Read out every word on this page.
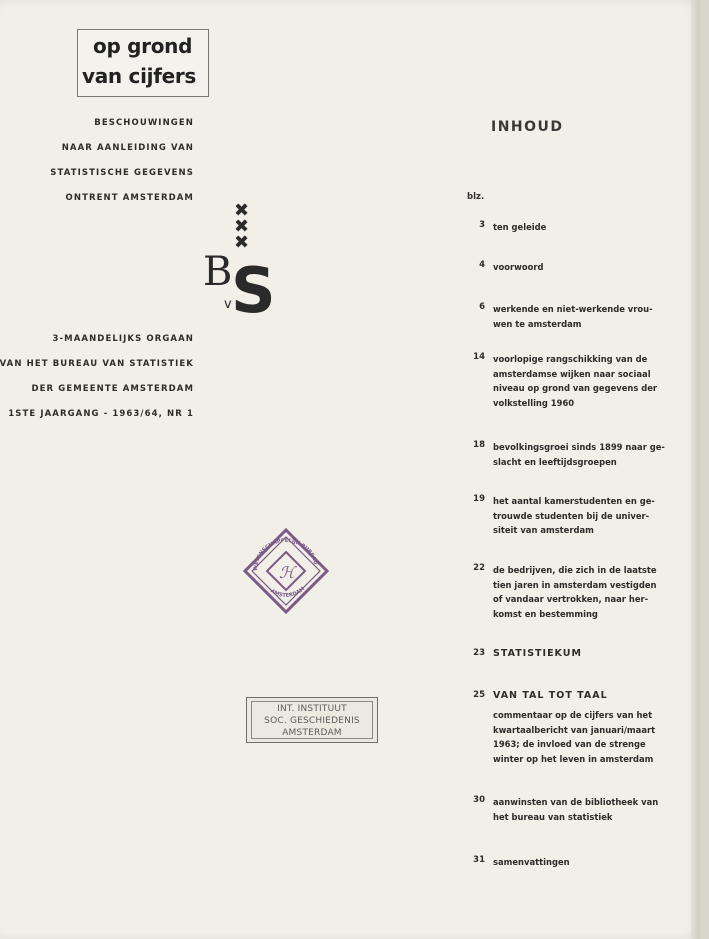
op grond
van cijfers
BESCHOUWINGEN
NAAR AANLEIDING VAN
STATISTISCHE GEGEVENS
ONTRENT AMSTERDAM
✖
✖
✖
B
v S
3-MAANDELIJKS ORGAAN
VAN HET BUREAU VAN STATISTIEK
DER GEMEENTE AMSTERDAM
1STE JAARGANG - 1963/64, NR 1
INHOUD
blz.
3 ten geleide
4 voorwoord
6 werkende en niet-werkende vrou-
wen te amsterdam
14 voorlopige rangschikking van de
amsterdamse wijken naar sociaal
niveau op grond van gegevens der
volkstelling 1960
18 bevolkingsgroei sinds 1899 naar ge-
slacht en leeftijdsgroepen
19 het aantal kamerstudenten en ge-
trouwde studenten bij de univer-
siteit van amsterdam
22 de bedrijven, die zich in de laatste
tien jaren in amsterdam vestigden
of vandaar vertrokken, naar her-
komst en bestemming
23 STATISTIEKUM
25 VAN TAL TOT TAAL
commentaar op de cijfers van het
kwartaalbericht van januari/maart
1963; de invloed van de strenge
winter op het leven in amsterdam
30 aanwinsten van de bibliotheek van
het bureau van statistiek
31 samenvattingen
ℋ
WETENSCHAPPELIJK BUREAU
AMSTERDAM
INT. INSTITUUT
SOC. GESCHIEDENIS
AMSTERDAM
